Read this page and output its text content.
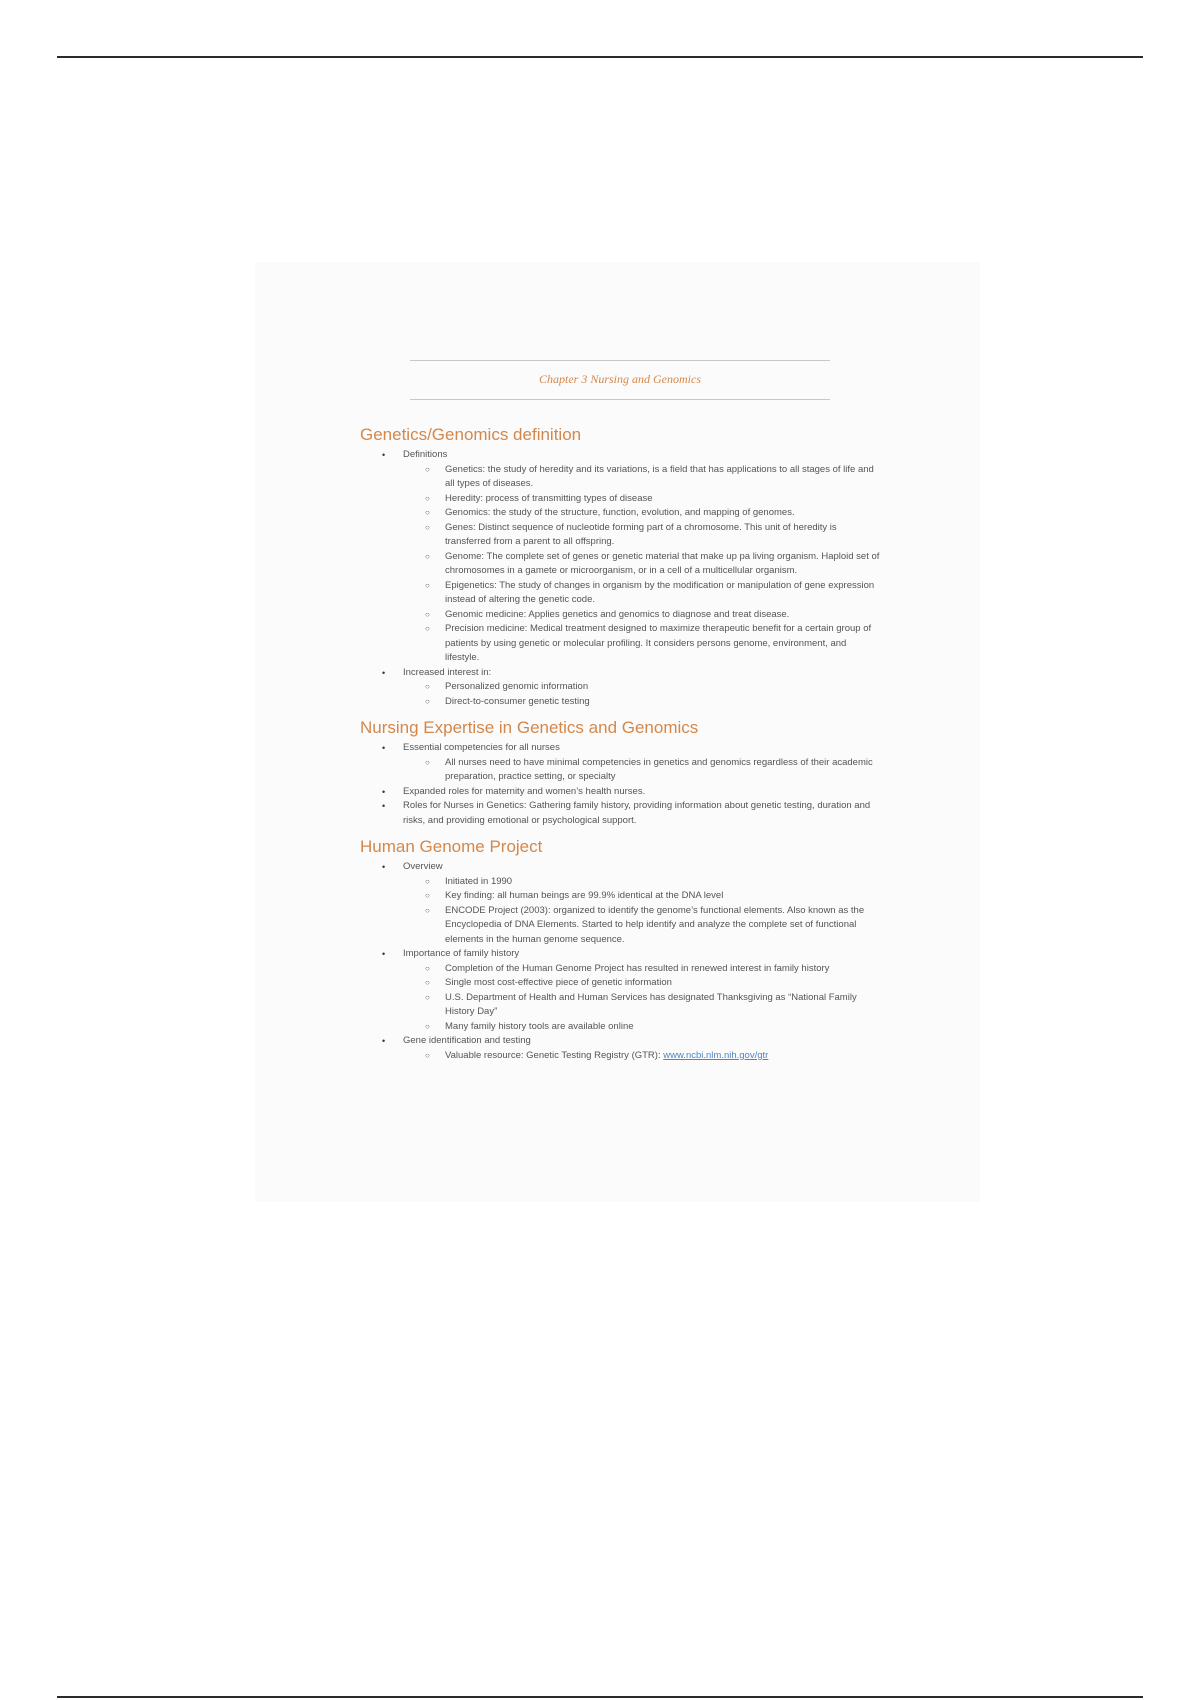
Chapter 3 Nursing and Genomics
Genetics/Genomics definition
• Definitions
○ Genetics: the study of heredity and its variations, is a field that has applications to all stages of life and all types of diseases.
○ Heredity: process of transmitting types of disease
○ Genomics: the study of the structure, function, evolution, and mapping of genomes.
○ Genes: Distinct sequence of nucleotide forming part of a chromosome. This unit of heredity is transferred from a parent to all offspring.
○ Genome: The complete set of genes or genetic material that make up pa living organism. Haploid set of chromosomes in a gamete or microorganism, or in a cell of a multicellular organism.
○ Epigenetics: The study of changes in organism by the modification or manipulation of gene expression instead of altering the genetic code.
○ Genomic medicine: Applies genetics and genomics to diagnose and treat disease.
○ Precision medicine: Medical treatment designed to maximize therapeutic benefit for a certain group of patients by using genetic or molecular profiling. It considers persons genome, environment, and lifestyle.
• Increased interest in:
○ Personalized genomic information
○ Direct-to-consumer genetic testing
Nursing Expertise in Genetics and Genomics
• Essential competencies for all nurses
○ All nurses need to have minimal competencies in genetics and genomics regardless of their academic preparation, practice setting, or specialty
• Expanded roles for maternity and women’s health nurses.
• Roles for Nurses in Genetics: Gathering family history, providing information about genetic testing, duration and risks, and providing emotional or psychological support.
Human Genome Project
• Overview
○ Initiated in 1990
○ Key finding: all human beings are 99.9% identical at the DNA level
○ ENCODE Project (2003): organized to identify the genome’s functional elements. Also known as the Encyclopedia of DNA Elements. Started to help identify and analyze the complete set of functional elements in the human genome sequence.
• Importance of family history
○ Completion of the Human Genome Project has resulted in renewed interest in family history
○ Single most cost-effective piece of genetic information
○ U.S. Department of Health and Human Services has designated Thanksgiving as “National Family History Day”
○ Many family history tools are available online
• Gene identification and testing
○ Valuable resource: Genetic Testing Registry (GTR): www.ncbi.nlm.nih.gov/gtr
